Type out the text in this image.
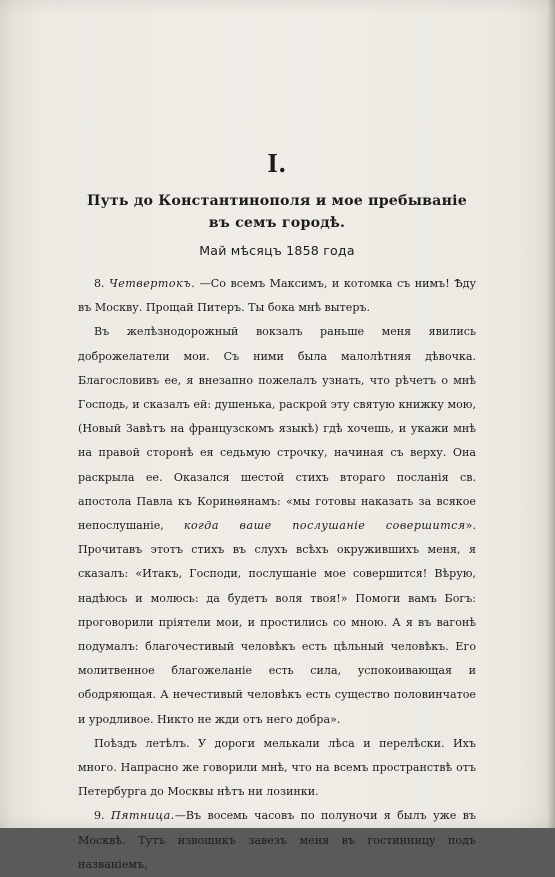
I.
Путь до Константинополя и мое пребываніе въ семъ городѣ.

Май мѣсяцъ 1858 года

8. Четвертокъ. —Со всемъ Максимъ, и котомка съ нимъ! Ѣду въ Москву. Прощай Питеръ. Ты бока мнѣ вытеръ.

Въ желѣзнодорожный вокзалъ раньше меня явились доброжелатели мои. Съ ними была малолѣтняя дѣвочка. Благословивъ ее, я внезапно пожелалъ узнать, что рѣчетъ о мнѣ Господь, и сказалъ ей: душенька, раскрой эту святую книжку мою, (Новый Завѣтъ на французскомъ языкѣ) гдѣ хочешь, и укажи мнѣ на правой сторонѣ ея седьмую строчку, начиная съ верху. Она раскрыла ее. Оказался шестой стихъ втораго посланія св. апостола Павла къ Коринѳянамъ: «мы готовы наказать за всякое непослушаніе, когда ваше послушаніе совершится». Прочитавъ этотъ стихъ въ слухъ всѣхъ окружившихъ меня, я сказалъ: «Итакъ, Господи, послушаніе мое совершится! Вѣрую, надѣюсь и молюсь: да будетъ воля твоя!» Помоги вамъ Богъ: проговорили пріятели мои, и простились со мною. А я въ вагонѣ подумалъ: благочестивый человѣкъ есть цѣльный человѣкъ. Его молитвенное благожеланіе есть сила, успокоивающая и ободряющая. А нечестивый человѣкъ есть существо половинчатое и уродливое. Никто не жди отъ него добра».

Поѣздъ летѣлъ. У дороги мелькали лѣса и перелѣски. Ихъ много. Напрасно же говорили мнѣ, что на всемъ пространствѣ отъ Петербурга до Москвы нѣтъ ни лозинки.

9. Пятница.—Въ восемь часовъ по полуночи я былъ уже въ Москвѣ. Тутъ извощикъ завезъ меня въ гостинницу подъ названіемъ,
